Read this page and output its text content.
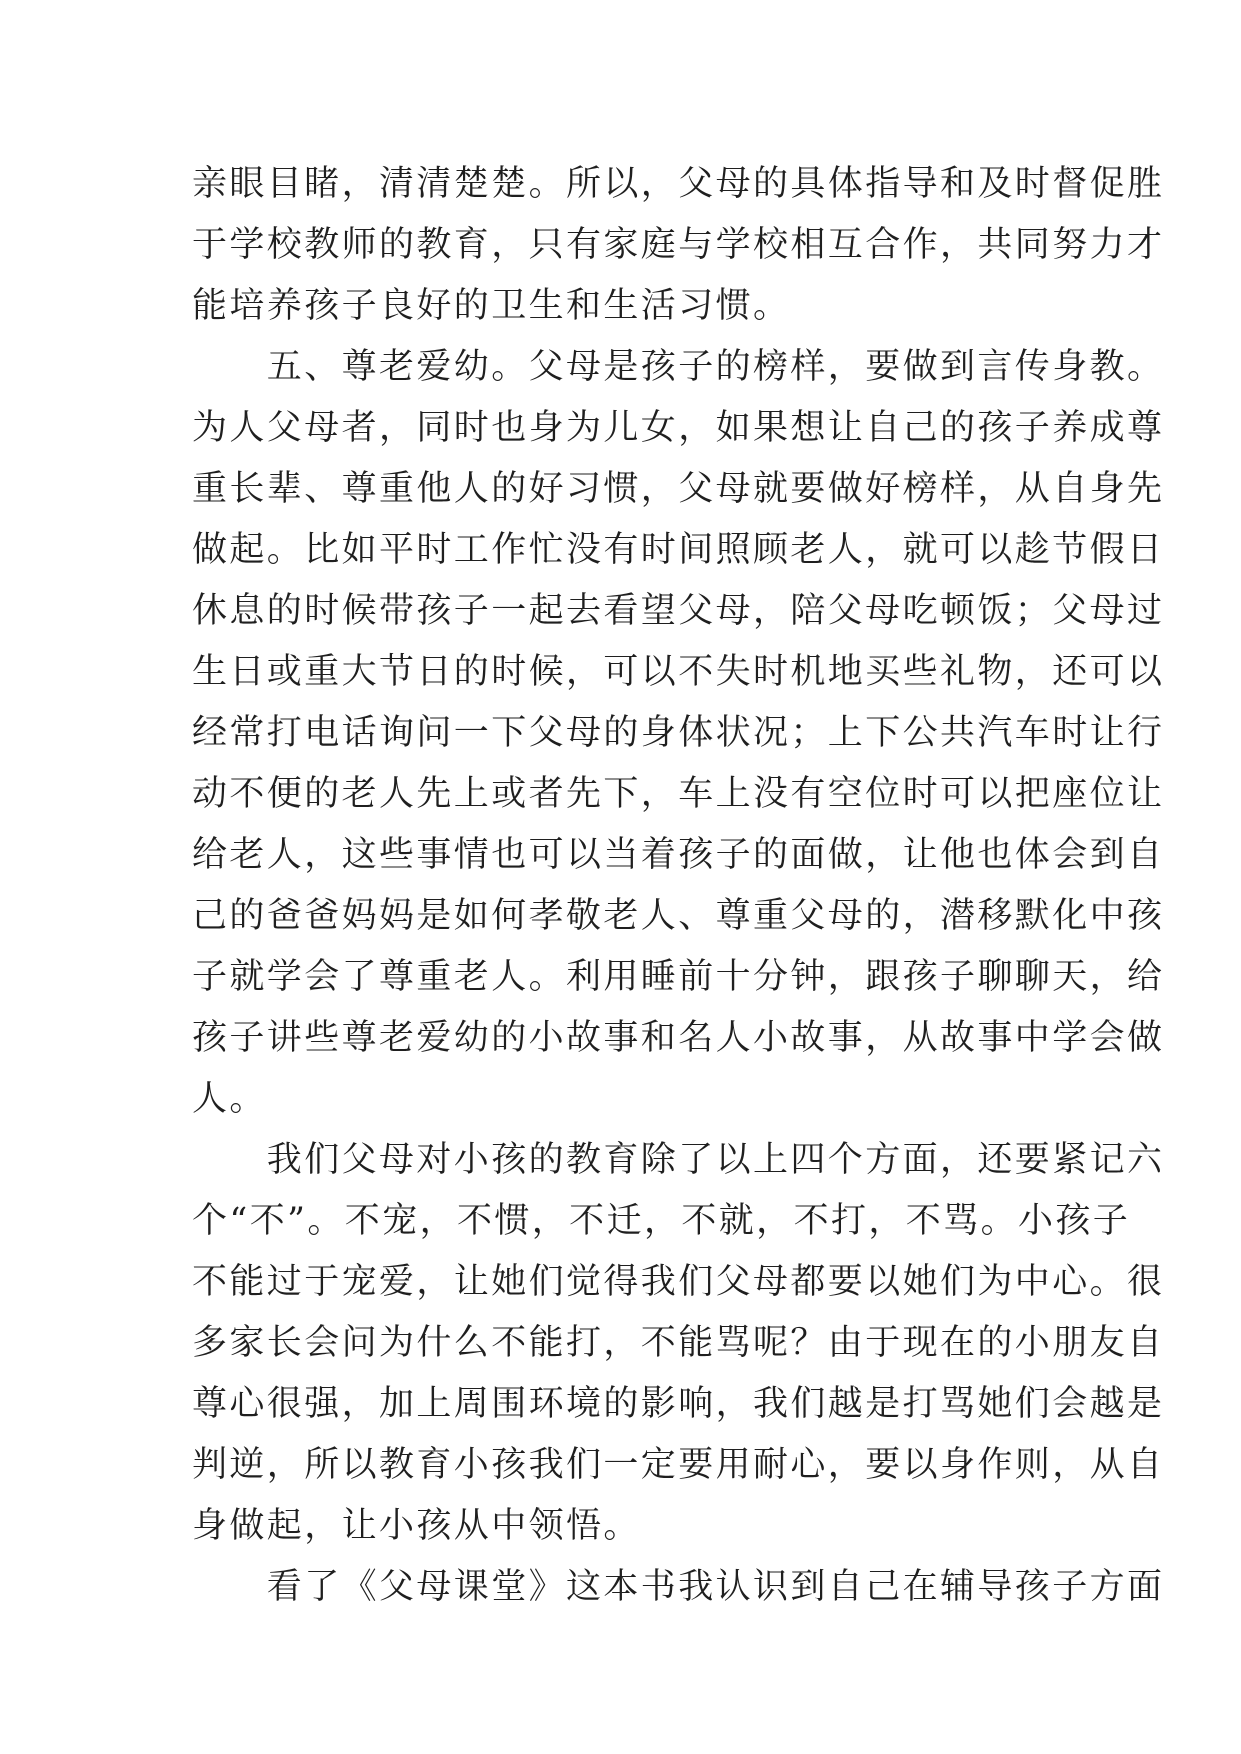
亲眼目睹，清清楚楚。所以，父母的具体指导和及时督促胜
于学校教师的教育，只有家庭与学校相互合作，共同努力才
能培养孩子良好的卫生和生活习惯。
　　五、尊老爱幼。父母是孩子的榜样，要做到言传身教。
为人父母者，同时也身为儿女，如果想让自己的孩子养成尊
重长辈、尊重他人的好习惯，父母就要做好榜样，从自身先
做起。比如平时工作忙没有时间照顾老人，就可以趁节假日
休息的时候带孩子一起去看望父母，陪父母吃顿饭；父母过
生日或重大节日的时候，可以不失时机地买些礼物，还可以
经常打电话询问一下父母的身体状况；上下公共汽车时让行
动不便的老人先上或者先下，车上没有空位时可以把座位让
给老人，这些事情也可以当着孩子的面做，让他也体会到自
己的爸爸妈妈是如何孝敬老人、尊重父母的，潜移默化中孩
子就学会了尊重老人。利用睡前十分钟，跟孩子聊聊天，给
孩子讲些尊老爱幼的小故事和名人小故事，从故事中学会做
人。
　　我们父母对小孩的教育除了以上四个方面，还要紧记六
个“不”。不宠，不惯，不迁，不就，不打，不骂。小孩子
不能过于宠爱，让她们觉得我们父母都要以她们为中心。很
多家长会问为什么不能打，不能骂呢？由于现在的小朋友自
尊心很强，加上周围环境的影响，我们越是打骂她们会越是
判逆，所以教育小孩我们一定要用耐心，要以身作则，从自
身做起，让小孩从中领悟。
　　看了《父母课堂》这本书我认识到自己在辅导孩子方面
